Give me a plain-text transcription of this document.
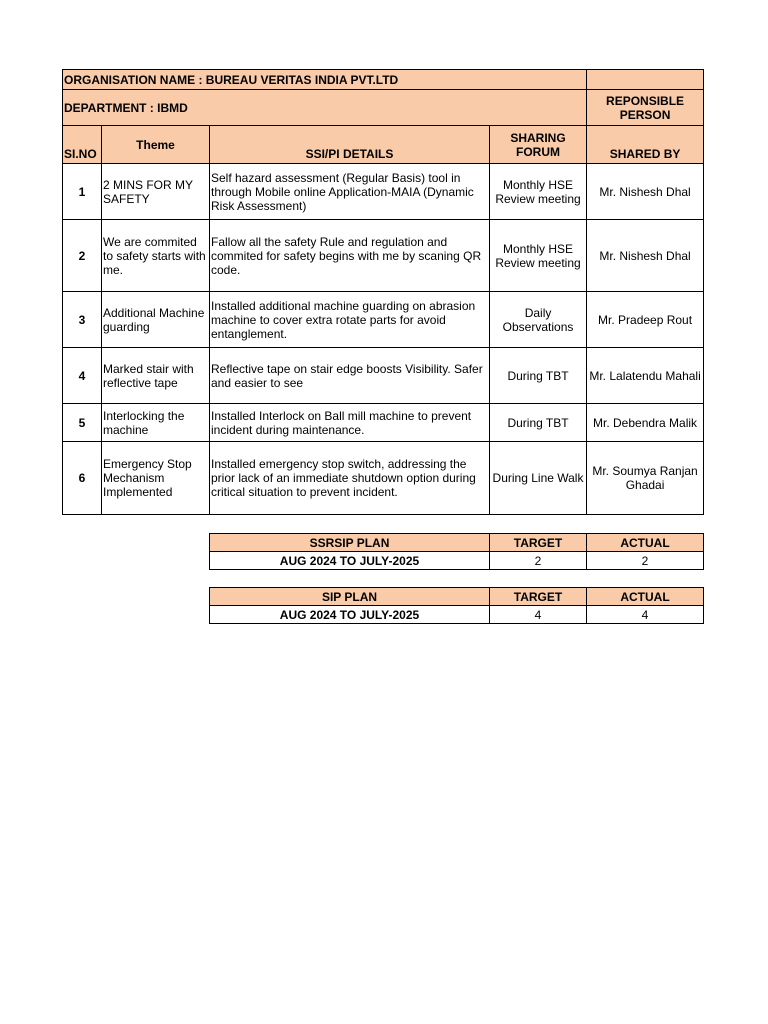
ORGANISATION NAME : BUREAU VERITAS INDIA PVT.LTD				
DEPARTMENT : IBMD				REPONSIBLE PERSON
SI.NO	Theme	SSI/PI DETAILS	SHARING FORUM	SHARED BY
1	2 MINS FOR MY SAFETY	Self hazard assessment (Regular Basis) tool in through Mobile online Application-MAIA (Dynamic Risk Assessment)	Monthly HSE Review meeting	Mr. Nishesh Dhal
2	We are commited to safety starts with me.	Fallow all the safety Rule and regulation and commited for safety begins with me by scaning QR code.	Monthly HSE Review meeting	Mr. Nishesh Dhal
3	Additional Machine guarding	Installed additional machine guarding on abrasion machine to cover extra rotate parts for avoid entanglement.	Daily Observations	Mr. Pradeep Rout
4	Marked stair with reflective tape	Reflective tape on stair edge boosts Visibility. Safer and easier to see	During TBT	Mr. Lalatendu Mahali
5	Interlocking the machine	Installed Interlock on Ball mill machine to prevent incident during maintenance.	During TBT	Mr. Debendra Malik
6	Emergency Stop Mechanism Implemented	Installed emergency stop switch, addressing the prior lack of an immediate shutdown option during critical situation to prevent incident.	During Line Walk	Mr. Soumya Ranjan Ghadai
SSRSIP PLAN	TARGET	ACTUAL
AUG 2024 TO JULY-2025	2	2
SIP PLAN	TARGET	ACTUAL
AUG 2024 TO JULY-2025	4	4
